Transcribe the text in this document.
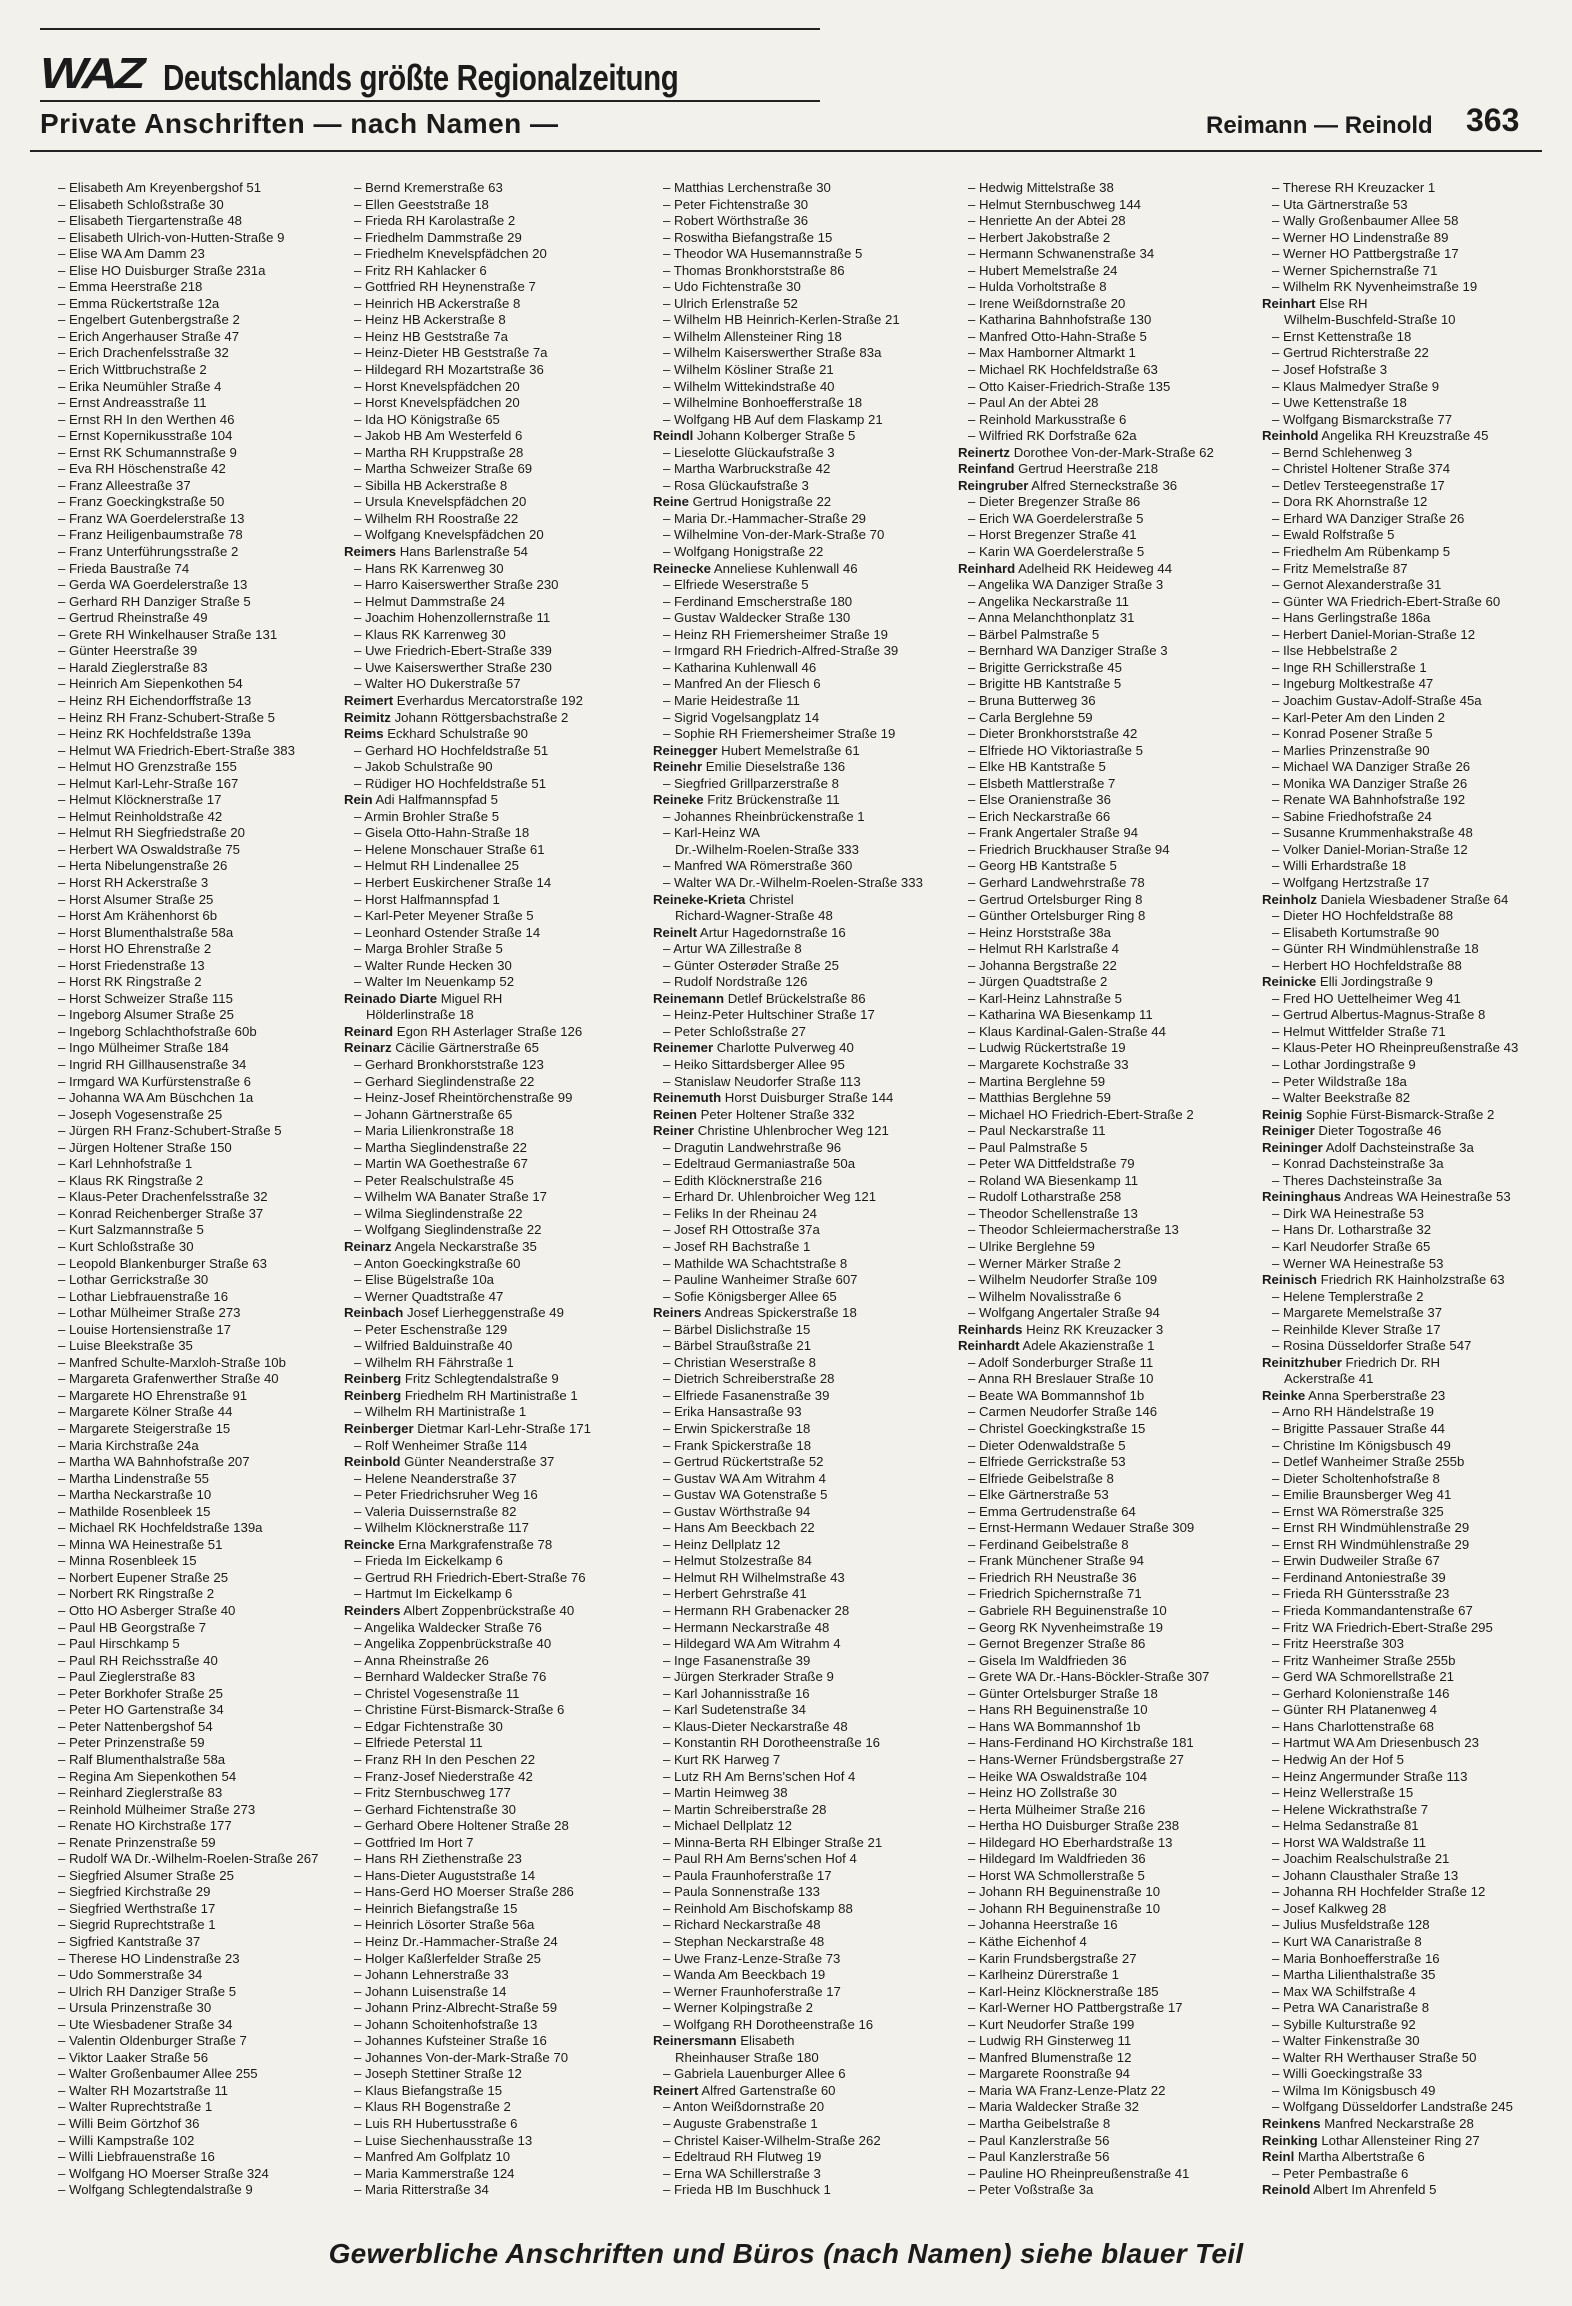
WAZ Deutschlands größte Regionalzeitung
Private Anschriften — nach Namen —	Reimann — Reinold 363
– Elisabeth Am Kreyenbergshof 51
– Elisabeth Schloßstraße 30
– Elisabeth Tiergartenstraße 48
– Elisabeth Ulrich-von-Hutten-Straße 9
– Elise WA Am Damm 23
– Elise HO Duisburger Straße 231a
– Emma Heerstraße 218
– Emma Rückertstraße 12a
– Engelbert Gutenbergstraße 2
– Erich Angerhauser Straße 47
– Erich Drachenfelsstraße 32
– Erich Wittbruchstraße 2
– Erika Neumühler Straße 4
– Ernst Andreasstraße 11
– Ernst RH In den Werthen 46
– Ernst Kopernikusstraße 104
– Ernst RK Schumannstraße 9
– Eva RH Höschenstraße 42
– Franz Alleestraße 37
– Franz Goeckingkstraße 50
– Franz WA Goerdelerstraße 13
– Franz Heiligenbaumstraße 78
– Franz Unterführungsstraße 2
– Frieda Baustraße 74
– Gerda WA Goerdelerstraße 13
– Gerhard RH Danziger Straße 5
– Gertrud Rheinstraße 49
– Grete RH Winkelhauser Straße 131
– Günter Heerstraße 39
– Harald Zieglerstraße 83
– Heinrich Am Siepenkothen 54
– Heinz RH Eichendorffstraße 13
– Heinz RH Franz-Schubert-Straße 5
– Heinz RK Hochfeldstraße 139a
– Helmut WA Friedrich-Ebert-Straße 383
– Helmut HO Grenzstraße 155
– Helmut Karl-Lehr-Straße 167
– Helmut Klöcknerstraße 17
– Helmut Reinholdstraße 42
– Helmut RH Siegfriedstraße 20
– Herbert WA Oswaldstraße 75
– Herta Nibelungenstraße 26
– Horst RH Ackerstraße 3
– Horst Alsumer Straße 25
– Horst Am Krähenhorst 6b
– Horst Blumenthalstraße 58a
– Horst HO Ehrenstraße 2
– Horst Friedenstraße 13
– Horst RK Ringstraße 2
– Horst Schweizer Straße 115
– Ingeborg Alsumer Straße 25
– Ingeborg Schlachthofstraße 60b
– Ingo Mülheimer Straße 184
– Ingrid RH Gillhausenstraße 34
– Irmgard WA Kurfürstenstraße 6
– Johanna WA Am Büschchen 1a
– Joseph Vogesenstraße 25
– Jürgen RH Franz-Schubert-Straße 5
– Jürgen Holtener Straße 150
– Karl Lehnhofstraße 1
– Klaus RK Ringstraße 2
– Klaus-Peter Drachenfelsstraße 32
– Konrad Reichenberger Straße 37
– Kurt Salzmannstraße 5
– Kurt Schloßstraße 30
– Leopold Blankenburger Straße 63
– Lothar Gerrickstraße 30
– Lothar Liebfrauenstraße 16
– Lothar Mülheimer Straße 273
– Louise Hortensienstraße 17
– Luise Bleekstraße 35
– Manfred Schulte-Marxloh-Straße 10b
– Margareta Grafenwerther Straße 40
– Margarete HO Ehrenstraße 91
– Margarete Kölner Straße 44
– Margarete Steigerstraße 15
– Maria Kirchstraße 24a
– Martha WA Bahnhofstraße 207
– Martha Lindenstraße 55
– Martha Neckarstraße 10
– Mathilde Rosenbleek 15
– Michael RK Hochfeldstraße 139a
– Minna WA Heinestraße 51
– Minna Rosenbleek 15
– Norbert Eupener Straße 25
– Norbert RK Ringstraße 2
– Otto HO Asberger Straße 40
– Paul HB Georgstraße 7
– Paul Hirschkamp 5
– Paul RH Reichsstraße 40
– Paul Zieglerstraße 83
– Peter Borkhofer Straße 25
– Peter HO Gartenstraße 34
– Peter Nattenbergshof 54
– Peter Prinzenstraße 59
– Ralf Blumenthalstraße 58a
– Regina Am Siepenkothen 54
– Reinhard Zieglerstraße 83
– Reinhold Mülheimer Straße 273
– Renate HO Kirchstraße 177
– Renate Prinzenstraße 59
– Rudolf WA Dr.-Wilhelm-Roelen-Straße 267
– Siegfried Alsumer Straße 25
– Siegfried Kirchstraße 29
– Siegfried Werthstraße 17
– Siegrid Ruprechtstraße 1
– Sigfried Kantstraße 37
– Therese HO Lindenstraße 23
– Udo Sommerstraße 34
– Ulrich RH Danziger Straße 5
– Ursula Prinzenstraße 30
– Ute Wiesbadener Straße 34
– Valentin Oldenburger Straße 7
– Viktor Laaker Straße 56
– Walter Großenbaumer Allee 255
– Walter RH Mozartstraße 11
– Walter Ruprechtstraße 1
– Willi Beim Görtzhof 36
– Willi Kampstraße 102
– Willi Liebfrauenstraße 16
– Wolfgang HO Moerser Straße 324
– Wolfgang Schlegtendalstraße 9
– Bernd Kremerstraße 63
– Ellen Geeststraße 18
– Frieda RH Karolastraße 2
– Friedhelm Dammstraße 29
– Friedhelm Knevelspfädchen 20
– Fritz RH Kahlacker 6
– Gottfried RH Heynenstraße 7
– Heinrich HB Ackerstraße 8
– Heinz HB Ackerstraße 8
– Heinz HB Geststraße 7a
– Heinz-Dieter HB Geststraße 7a
– Hildegard RH Mozartstraße 36
– Horst Knevelspfädchen 20
– Horst Knevelspfädchen 20
– Ida HO Königstraße 65
– Jakob HB Am Westerfeld 6
– Martha RH Kruppstraße 28
– Martha Schweizer Straße 69
– Sibilla HB Ackerstraße 8
– Ursula Knevelspfädchen 20
– Wilhelm RH Roostraße 22
– Wolfgang Knevelspfädchen 20
Reimers Hans Barlenstraße 54
– Hans RK Karrenweg 30
– Harro Kaiserswerther Straße 230
– Helmut Dammstraße 24
– Joachim Hohenzollernstraße 11
– Klaus RK Karrenweg 30
– Uwe Friedrich-Ebert-Straße 339
– Uwe Kaiserswerther Straße 230
– Walter HO Dukerstraße 57
Reimert Everhardus Mercatorstraße 192
Reimitz Johann Röttgersbachstraße 2
Reims Eckhard Schulstraße 90
– Gerhard HO Hochfeldstraße 51
– Jakob Schulstraße 90
– Rüdiger HO Hochfeldstraße 51
Rein Adi Halfmannspfad 5
– Armin Brohler Straße 5
– Gisela Otto-Hahn-Straße 18
– Helene Monschauer Straße 61
– Helmut RH Lindenallee 25
– Herbert Euskirchener Straße 14
– Horst Halfmannspfad 1
– Karl-Peter Meyener Straße 5
– Leonhard Ostender Straße 14
– Marga Brohler Straße 5
– Walter Runde Hecken 30
– Walter Im Neuenkamp 52
Reinado Diarte Miguel RH
Hölderlinstraße 18
Reinard Egon RH Asterlager Straße 126
Reinarz Cäcilie Gärtnerstraße 65
– Gerhard Bronkhorststraße 123
– Gerhard Sieglindenstraße 22
– Heinz-Josef Rheintörchenstraße 99
– Johann Gärtnerstraße 65
– Maria Lilienkronstraße 18
– Martha Sieglindenstraße 22
– Martin WA Goethestraße 67
– Peter Realschulstraße 45
– Wilhelm WA Banater Straße 17
– Wilma Sieglindenstraße 22
– Wolfgang Sieglindenstraße 22
Reinarz Angela Neckarstraße 35
– Anton Goeckingkstraße 60
– Elise Bügelstraße 10a
– Werner Quadtstraße 47
Reinbach Josef Lierheggenstraße 49
– Peter Eschenstraße 129
– Wilfried Balduinstraße 40
– Wilhelm RH Fährstraße 1
Reinberg Fritz Schlegtendalstraße 9
Reinberg Friedhelm RH Martinistraße 1
– Wilhelm RH Martinistraße 1
Reinberger Dietmar Karl-Lehr-Straße 171
– Rolf Wenheimer Straße 114
Reinbold Günter Neanderstraße 37
– Helene Neanderstraße 37
– Peter Friedrichsruher Weg 16
– Valeria Duissernstraße 82
– Wilhelm Klöcknerstraße 117
Reincke Erna Markgrafenstraße 78
– Frieda Im Eickelkamp 6
– Gertrud RH Friedrich-Ebert-Straße 76
– Hartmut Im Eickelkamp 6
Reinders Albert Zoppenbrückstraße 40
– Angelika Waldecker Straße 76
– Angelika Zoppenbrückstraße 40
– Anna Rheinstraße 26
– Bernhard Waldecker Straße 76
– Christel Vogesenstraße 11
– Christine Fürst-Bismarck-Straße 6
– Edgar Fichtenstraße 30
– Elfriede Peterstal 11
– Franz RH In den Peschen 22
– Franz-Josef Niederstraße 42
– Fritz Sternbuschweg 177
– Gerhard Fichtenstraße 30
– Gerhard Obere Holtener Straße 28
– Gottfried Im Hort 7
– Hans RH Ziethenstraße 23
– Hans-Dieter Auguststraße 14
– Hans-Gerd HO Moerser Straße 286
– Heinrich Biefangstraße 15
– Heinrich Lösorter Straße 56a
– Heinz Dr.-Hammacher-Straße 24
– Holger Kaßlerfelder Straße 25
– Johann Lehnerstraße 33
– Johann Luisenstraße 14
– Johann Prinz-Albrecht-Straße 59
– Johann Schoitenhofstraße 13
– Johannes Kufsteiner Straße 16
– Johannes Von-der-Mark-Straße 70
– Joseph Stettiner Straße 12
– Klaus Biefangstraße 15
– Klaus RH Bogenstraße 2
– Luis RH Hubertusstraße 6
– Luise Siechenhausstraße 13
– Manfred Am Golfplatz 10
– Maria Kammerstraße 124
– Maria Ritterstraße 34
– Matthias Lerchenstraße 30
– Peter Fichtenstraße 30
– Robert Wörthstraße 36
– Roswitha Biefangstraße 15
– Theodor WA Husemannstraße 5
– Thomas Bronkhorststraße 86
– Udo Fichtenstraße 30
– Ulrich Erlenstraße 52
– Wilhelm HB Heinrich-Kerlen-Straße 21
– Wilhelm Allensteiner Ring 18
– Wilhelm Kaiserswerther Straße 83a
– Wilhelm Kösliner Straße 21
– Wilhelm Wittekindstraße 40
– Wilhelmine Bonhoefferstraße 18
– Wolfgang HB Auf dem Flaskamp 21
Reindl Johann Kolberger Straße 5
– Lieselotte Glückaufstraße 3
– Martha Warbruckstraße 42
– Rosa Glückaufstraße 3
Reine Gertrud Honigstraße 22
– Maria Dr.-Hammacher-Straße 29
– Wilhelmine Von-der-Mark-Straße 70
– Wolfgang Honigstraße 22
Reinecke Anneliese Kuhlenwall 46
– Elfriede Weserstraße 5
– Ferdinand Emscherstraße 180
– Gustav Waldecker Straße 130
– Heinz RH Friemersheimer Straße 19
– Irmgard RH Friedrich-Alfred-Straße 39
– Katharina Kuhlenwall 46
– Manfred An der Fliesch 6
– Marie Heidestraße 11
– Sigrid Vogelsangplatz 14
– Sophie RH Friemersheimer Straße 19
Reinegger Hubert Memelstraße 61
Reinehr Emilie Dieselstraße 136
– Siegfried Grillparzerstraße 8
Reineke Fritz Brückenstraße 11
– Johannes Rheinbrückenstraße 1
– Karl-Heinz WA
Dr.-Wilhelm-Roelen-Straße 333
– Manfred WA Römerstraße 360
– Walter WA Dr.-Wilhelm-Roelen-Straße 333
Reineke-Krieta Christel
Richard-Wagner-Straße 48
Reinelt Artur Hagedornstraße 16
– Artur WA Zillestraße 8
– Günter Osterøder Straße 25
– Rudolf Nordstraße 126
Reinemann Detlef Brückelstraße 86
– Heinz-Peter Hultschiner Straße 17
– Peter Schloßstraße 27
Reinemer Charlotte Pulverweg 40
– Heiko Sittardsberger Allee 95
– Stanislaw Neudorfer Straße 113
Reinemuth Horst Duisburger Straße 144
Reinen Peter Holtener Straße 332
Reiner Christine Uhlenbrocher Weg 121
– Dragutin Landwehrstraße 96
– Edeltraud Germaniastraße 50a
– Edith Klöcknerstraße 216
– Erhard Dr. Uhlenbroicher Weg 121
– Feliks In der Rheinau 24
– Josef RH Ottostraße 37a
– Josef RH Bachstraße 1
– Mathilde WA Schachtstraße 8
– Pauline Wanheimer Straße 607
– Sofie Königsberger Allee 65
Reiners Andreas Spickerstraße 18
– Bärbel Dislichstraße 15
– Bärbel Straußstraße 21
– Christian Weserstraße 8
– Dietrich Schreiberstraße 28
– Elfriede Fasanenstraße 39
– Erika Hansastraße 93
– Erwin Spickerstraße 18
– Frank Spickerstraße 18
– Gertrud Rückertstraße 52
– Gustav WA Am Witrahm 4
– Gustav WA Gotenstraße 5
– Gustav Wörthstraße 94
– Hans Am Beeckbach 22
– Heinz Dellplatz 12
– Helmut Stolzestraße 84
– Helmut RH Wilhelmstraße 43
– Herbert Gehrstraße 41
– Hermann RH Grabenacker 28
– Hermann Neckarstraße 48
– Hildegard WA Am Witrahm 4
– Inge Fasanenstraße 39
– Jürgen Sterkrader Straße 9
– Karl Johannisstraße 16
– Karl Sudetenstraße 34
– Klaus-Dieter Neckarstraße 48
– Konstantin RH Dorotheenstraße 16
– Kurt RK Harweg 7
– Lutz RH Am Berns'schen Hof 4
– Martin Heimweg 38
– Martin Schreiberstraße 28
– Michael Dellplatz 12
– Minna-Berta RH Elbinger Straße 21
– Paul RH Am Berns'schen Hof 4
– Paula Fraunhoferstraße 17
– Paula Sonnenstraße 133
– Reinhold Am Bischofskamp 88
– Richard Neckarstraße 48
– Stephan Neckarstraße 48
– Uwe Franz-Lenze-Straße 73
– Wanda Am Beeckbach 19
– Werner Fraunhoferstraße 17
– Werner Kolpingstraße 2
– Wolfgang RH Dorotheenstraße 16
Reinersmann Elisabeth
Rheinhauser Straße 180
– Gabriela Lauenburger Allee 6
Reinert Alfred Gartenstraße 60
– Anton Weißdornstraße 20
– Auguste Grabenstraße 1
– Christel Kaiser-Wilhelm-Straße 262
– Edeltraud RH Flutweg 19
– Erna WA Schillerstraße 3
– Frieda HB Im Buschhuck 1
– Hedwig Mittelstraße 38
– Helmut Sternbuschweg 144
– Henriette An der Abtei 28
– Herbert Jakobstraße 2
– Hermann Schwanenstraße 34
– Hubert Memelstraße 24
– Hulda Vorholtstraße 8
– Irene Weißdornstraße 20
– Katharina Bahnhofstraße 130
– Manfred Otto-Hahn-Straße 5
– Max Hamborner Altmarkt 1
– Michael RK Hochfeldstraße 63
– Otto Kaiser-Friedrich-Straße 135
– Paul An der Abtei 28
– Reinhold Markusstraße 6
– Wilfried RK Dorfstraße 62a
Reinertz Dorothee Von-der-Mark-Straße 62
Reinfand Gertrud Heerstraße 218
Reingruber Alfred Sterneckstraße 36
– Dieter Bregenzer Straße 86
– Erich WA Goerdelerstraße 5
– Horst Bregenzer Straße 41
– Karin WA Goerdelerstraße 5
Reinhard Adelheid RK Heideweg 44
– Angelika WA Danziger Straße 3
– Angelika Neckarstraße 11
– Anna Melanchthonplatz 31
– Bärbel Palmstraße 5
– Bernhard WA Danziger Straße 3
– Brigitte Gerrickstraße 45
– Brigitte HB Kantstraße 5
– Bruna Butterweg 36
– Carla Berglehne 59
– Dieter Bronkhorststraße 42
– Elfriede HO Viktoriastraße 5
– Elke HB Kantstraße 5
– Elsbeth Mattlerstraße 7
– Else Oranienstraße 36
– Erich Neckarstraße 66
– Frank Angertaler Straße 94
– Friedrich Bruckhauser Straße 94
– Georg HB Kantstraße 5
– Gerhard Landwehrstraße 78
– Gertrud Ortelsburger Ring 8
– Günther Ortelsburger Ring 8
– Heinz Horststraße 38a
– Helmut RH Karlstraße 4
– Johanna Bergstraße 22
– Jürgen Quadtstraße 2
– Karl-Heinz Lahnstraße 5
– Katharina WA Biesenkamp 11
– Klaus Kardinal-Galen-Straße 44
– Ludwig Rückertstraße 19
– Margarete Kochstraße 33
– Martina Berglehne 59
– Matthias Berglehne 59
– Michael HO Friedrich-Ebert-Straße 2
– Paul Neckarstraße 11
– Paul Palmstraße 5
– Peter WA Dittfeldstraße 79
– Roland WA Biesenkamp 11
– Rudolf Lotharstraße 258
– Theodor Schellenstraße 13
– Theodor Schleiermacherstraße 13
– Ulrike Berglehne 59
– Werner Märker Straße 2
– Wilhelm Neudorfer Straße 109
– Wilhelm Novalisstraße 6
– Wolfgang Angertaler Straße 94
Reinhards Heinz RK Kreuzacker 3
Reinhardt Adele Akazienstraße 1
– Adolf Sonderburger Straße 11
– Anna RH Breslauer Straße 10
– Beate WA Bommannshof 1b
– Carmen Neudorfer Straße 146
– Christel Goeckingkstraße 15
– Dieter Odenwaldstraße 5
– Elfriede Gerrickstraße 53
– Elfriede Geibelstraße 8
– Elke Gärtnerstraße 53
– Emma Gertrudenstraße 64
– Ernst-Hermann Wedauer Straße 309
– Ferdinand Geibelstraße 8
– Frank Münchener Straße 94
– Friedrich RH Neustraße 36
– Friedrich Spichernstraße 71
– Gabriele RH Beguinenstraße 10
– Georg RK Nyvenheimstraße 19
– Gernot Bregenzer Straße 86
– Gisela Im Waldfrieden 36
– Grete WA Dr.-Hans-Böckler-Straße 307
– Günter Ortelsburger Straße 18
– Hans RH Beguinenstraße 10
– Hans WA Bommannshof 1b
– Hans-Ferdinand HO Kirchstraße 181
– Hans-Werner Fründsbergstraße 27
– Heike WA Oswaldstraße 104
– Heinz HO Zollstraße 30
– Herta Mülheimer Straße 216
– Hertha HO Duisburger Straße 238
– Hildegard HO Eberhardstraße 13
– Hildegard Im Waldfrieden 36
– Horst WA Schmollerstraße 5
– Johann RH Beguinenstraße 10
– Johann RH Beguinenstraße 10
– Johanna Heerstraße 16
– Käthe Eichenhof 4
– Karin Frundsbergstraße 27
– Karlheinz Dürerstraße 1
– Karl-Heinz Klöcknerstraße 185
– Karl-Werner HO Pattbergstraße 17
– Kurt Neudorfer Straße 199
– Ludwig RH Ginsterweg 11
– Manfred Blumenstraße 12
– Margarete Roonstraße 94
– Maria WA Franz-Lenze-Platz 22
– Maria Waldecker Straße 32
– Martha Geibelstraße 8
– Paul Kanzlerstraße 56
– Paul Kanzlerstraße 56
– Pauline HO Rheinpreußenstraße 41
– Peter Voßstraße 3a
– Therese RH Kreuzacker 1
– Uta Gärtnerstraße 53
– Wally Großenbaumer Allee 58
– Werner HO Lindenstraße 89
– Werner HO Pattbergstraße 17
– Werner Spichernstraße 71
– Wilhelm RK Nyvenheimstraße 19
Reinhart Else RH
Wilhelm-Buschfeld-Straße 10
– Ernst Kettenstraße 18
– Gertrud Richterstraße 22
– Josef Hofstraße 3
– Klaus Malmedyer Straße 9
– Uwe Kettenstraße 18
– Wolfgang Bismarckstraße 77
Reinhold Angelika RH Kreuzstraße 45
– Bernd Schlehenweg 3
– Christel Holtener Straße 374
– Detlev Tersteegenstraße 17
– Dora RK Ahornstraße 12
– Erhard WA Danziger Straße 26
– Ewald Rolfstraße 5
– Friedhelm Am Rübenkamp 5
– Fritz Memelstraße 87
– Gernot Alexanderstraße 31
– Günter WA Friedrich-Ebert-Straße 60
– Hans Gerlingstraße 186a
– Herbert Daniel-Morian-Straße 12
– Ilse Hebbelstraße 2
– Inge RH Schillerstraße 1
– Ingeburg Moltkestraße 47
– Joachim Gustav-Adolf-Straße 45a
– Karl-Peter Am den Linden 2
– Konrad Posener Straße 5
– Marlies Prinzenstraße 90
– Michael WA Danziger Straße 26
– Monika WA Danziger Straße 26
– Renate WA Bahnhofstraße 192
– Sabine Friedhofstraße 24
– Susanne Krummenhakstraße 48
– Volker Daniel-Morian-Straße 12
– Willi Erhardstraße 18
– Wolfgang Hertzstraße 17
Reinholz Daniela Wiesbadener Straße 64
– Dieter HO Hochfeldstraße 88
– Elisabeth Kortumstraße 90
– Günter RH Windmühlenstraße 18
– Herbert HO Hochfeldstraße 88
Reinicke Elli Jordingstraße 9
– Fred HO Uettelheimer Weg 41
– Gertrud Albertus-Magnus-Straße 8
– Helmut Wittfelder Straße 71
– Klaus-Peter HO Rheinpreußenstraße 43
– Lothar Jordingstraße 9
– Peter Wildstraße 18a
– Walter Beekstraße 82
Reinig Sophie Fürst-Bismarck-Straße 2
Reiniger Dieter Togostraße 46
Reininger Adolf Dachsteinstraße 3a
– Konrad Dachsteinstraße 3a
– Theres Dachsteinstraße 3a
Reininghaus Andreas WA Heinestraße 53
– Dirk WA Heinestraße 53
– Hans Dr. Lotharstraße 32
– Karl Neudorfer Straße 65
– Werner WA Heinestraße 53
Reinisch Friedrich RK Hainholzstraße 63
– Helene Templerstraße 2
– Margarete Memelstraße 37
– Reinhilde Klever Straße 17
– Rosina Düsseldorfer Straße 547
Reinitzhuber Friedrich Dr. RH
Ackerstraße 41
Reinke Anna Sperberstraße 23
– Arno RH Händelstraße 19
– Brigitte Passauer Straße 44
– Christine Im Königsbusch 49
– Detlef Wanheimer Straße 255b
– Dieter Scholtenhofstraße 8
– Emilie Braunsberger Weg 41
– Ernst WA Römerstraße 325
– Ernst RH Windmühlenstraße 29
– Ernst RH Windmühlenstraße 29
– Erwin Dudweiler Straße 67
– Ferdinand Antoniestraße 39
– Frieda RH Güntersstraße 23
– Frieda Kommandantenstraße 67
– Fritz WA Friedrich-Ebert-Straße 295
– Fritz Heerstraße 303
– Fritz Wanheimer Straße 255b
– Gerd WA Schmorellstraße 21
– Gerhard Kolonienstraße 146
– Günter RH Platanenweg 4
– Hans Charlottenstraße 68
– Hartmut WA Am Driesenbusch 23
– Hedwig An der Hof 5
– Heinz Angermunder Straße 113
– Heinz Wellerstraße 15
– Helene Wickrathstraße 7
– Helma Sedanstraße 81
– Horst WA Waldstraße 11
– Joachim Realschulstraße 21
– Johann Clausthaler Straße 13
– Johanna RH Hochfelder Straße 12
– Josef Kalkweg 28
– Julius Musfeldstraße 128
– Kurt WA Canaristraße 8
– Maria Bonhoefferstraße 16
– Martha Lilienthalstraße 35
– Max WA Schilfstraße 4
– Petra WA Canaristraße 8
– Sybille Kulturstraße 92
– Walter Finkenstraße 30
– Walter RH Werthauser Straße 50
– Willi Goeckingstraße 33
– Wilma Im Königsbusch 49
– Wolfgang Düsseldorfer Landstraße 245
Reinkens Manfred Neckarstraße 28
Reinking Lothar Allensteiner Ring 27
Reinl Martha Albertstraße 6
– Peter Pembastraße 6
Reinold Albert Im Ahrenfeld 5
Gewerbliche Anschriften und Büros (nach Namen) siehe blauer Teil
